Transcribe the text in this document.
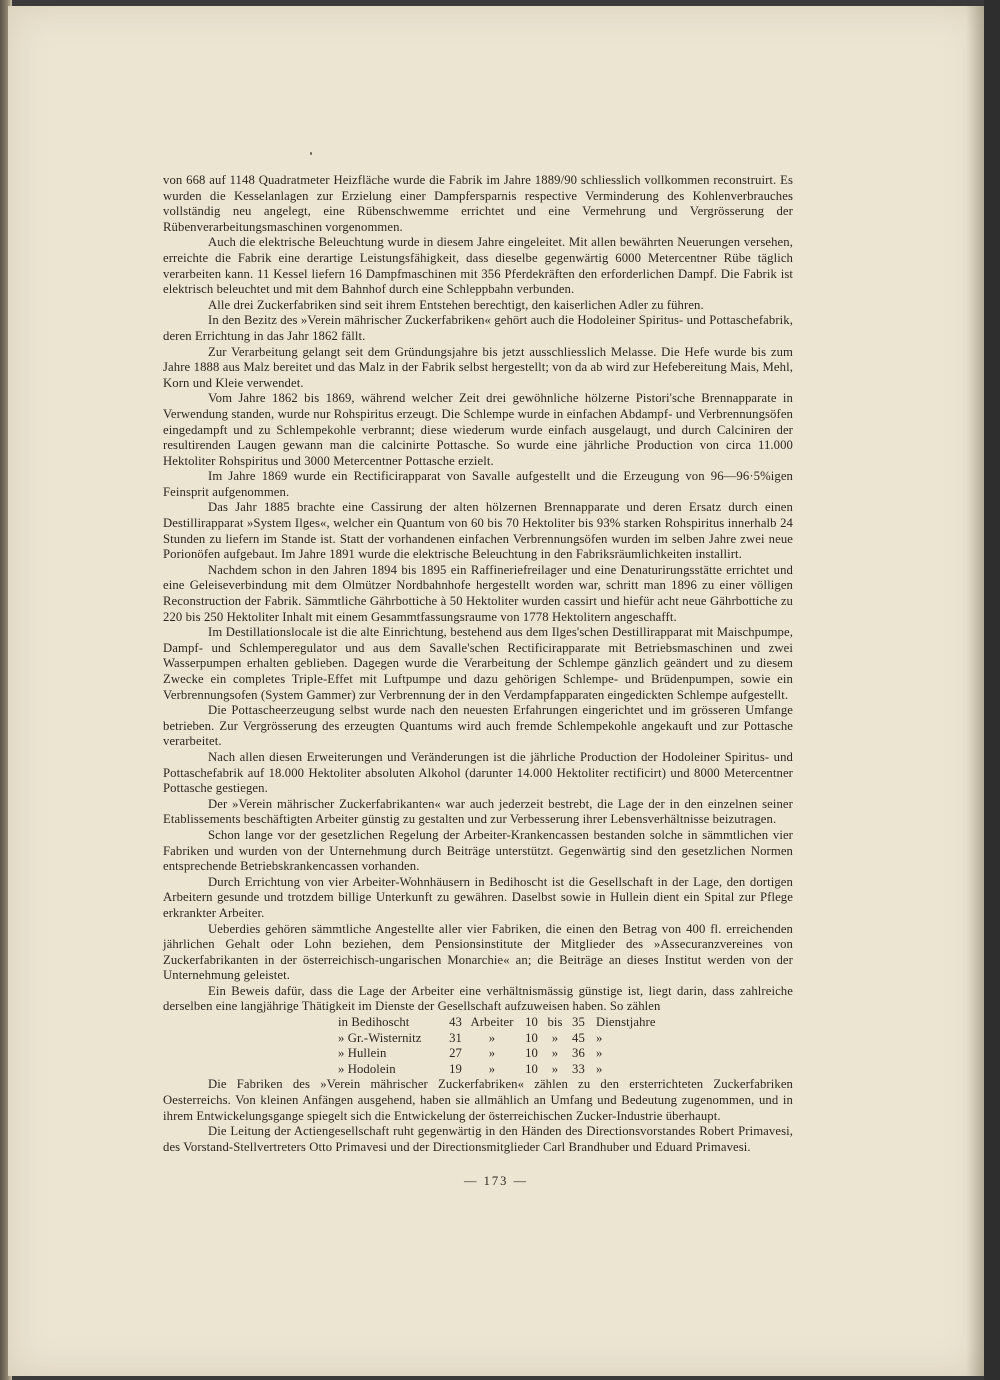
von 668 auf 1148 Quadratmeter Heizfläche wurde die Fabrik im Jahre 1889/90 schliesslich vollkommen reconstruirt. Es wurden die Kesselanlagen zur Erzielung einer Dampfersparnis respective Verminderung des Kohlenverbrauches vollständig neu angelegt, eine Rübenschwemme errichtet und eine Vermehrung und Vergrösserung der Rübenverarbeitungsmaschinen vorgenommen.

Auch die elektrische Beleuchtung wurde in diesem Jahre eingeleitet. Mit allen bewährten Neuerungen versehen, erreichte die Fabrik eine derartige Leistungsfähigkeit, dass dieselbe gegenwärtig 6000 Metercentner Rübe täglich verarbeiten kann. 11 Kessel liefern 16 Dampfmaschinen mit 356 Pferdekräften den erforderlichen Dampf. Die Fabrik ist elektrisch beleuchtet und mit dem Bahnhof durch eine Schleppbahn verbunden.

Alle drei Zuckerfabriken sind seit ihrem Entstehen berechtigt, den kaiserlichen Adler zu führen.

In den Bezitz des »Verein mährischer Zuckerfabriken« gehört auch die Hodoleiner Spiritus- und Pottaschefabrik, deren Errichtung in das Jahr 1862 fällt.

Zur Verarbeitung gelangt seit dem Gründungsjahre bis jetzt ausschliesslich Melasse. Die Hefe wurde bis zum Jahre 1888 aus Malz bereitet und das Malz in der Fabrik selbst hergestellt; von da ab wird zur Hefebereitung Mais, Mehl, Korn und Kleie verwendet.

Vom Jahre 1862 bis 1869, während welcher Zeit drei gewöhnliche hölzerne Pistori'sche Brennapparate in Verwendung standen, wurde nur Rohspiritus erzeugt. Die Schlempe wurde in einfachen Abdampf- und Verbrennungsöfen eingedampft und zu Schlempekohle verbrannt; diese wiederum wurde einfach ausgelaugt, und durch Calciniren der resultirenden Laugen gewann man die calcinirte Pottasche. So wurde eine jährliche Production von circa 11.000 Hektoliter Rohspiritus und 3000 Metercentner Pottasche erzielt.

Im Jahre 1869 wurde ein Rectificirapparat von Savalle aufgestellt und die Erzeugung von 96—96·5%igen Feinsprit aufgenommen.

Das Jahr 1885 brachte eine Cassirung der alten hölzernen Brennapparate und deren Ersatz durch einen Destillirapparat »System Ilges«, welcher ein Quantum von 60 bis 70 Hektoliter bis 93% starken Rohspiritus innerhalb 24 Stunden zu liefern im Stande ist. Statt der vorhandenen einfachen Verbrennungsöfen wurden im selben Jahre zwei neue Porionöfen aufgebaut. Im Jahre 1891 wurde die elektrische Beleuchtung in den Fabriksräumlichkeiten installirt.

Nachdem schon in den Jahren 1894 bis 1895 ein Raffineriefreilager und eine Denaturirungsstätte errichtet und eine Geleiseverbindung mit dem Olmützer Nordbahnhofe hergestellt worden war, schritt man 1896 zu einer völligen Reconstruction der Fabrik. Sämmtliche Gährbottiche à 50 Hektoliter wurden cassirt und hiefür acht neue Gährbottiche zu 220 bis 250 Hektoliter Inhalt mit einem Gesammtfassungsraume von 1778 Hektolitern angeschafft.

Im Destillationslocale ist die alte Einrichtung, bestehend aus dem Ilges'schen Destillirapparat mit Maischpumpe, Dampf- und Schlemperegulator und aus dem Savalle'schen Rectificirapparate mit Betriebsmaschinen und zwei Wasserpumpen erhalten geblieben. Dagegen wurde die Verarbeitung der Schlempe gänzlich geändert und zu diesem Zwecke ein completes Triple-Effet mit Luftpumpe und dazu gehörigen Schlempe- und Brüdenpumpen, sowie ein Verbrennungsofen (System Gammer) zur Verbrennung der in den Verdampfapparaten eingedickten Schlempe aufgestellt.

Die Pottascheerzeugung selbst wurde nach den neuesten Erfahrungen eingerichtet und im grösseren Umfange betrieben. Zur Vergrösserung des erzeugten Quantums wird auch fremde Schlempekohle angekauft und zur Pottasche verarbeitet.

Nach allen diesen Erweiterungen und Veränderungen ist die jährliche Production der Hodoleiner Spiritus- und Pottaschefabrik auf 18.000 Hektoliter absoluten Alkohol (darunter 14.000 Hektoliter rectificirt) und 8000 Metercentner Pottasche gestiegen.

Der »Verein mährischer Zuckerfabrikanten« war auch jederzeit bestrebt, die Lage der in den einzelnen seiner Etablissements beschäftigten Arbeiter günstig zu gestalten und zur Verbesserung ihrer Lebensverhältnisse beizutragen.

Schon lange vor der gesetzlichen Regelung der Arbeiter-Krankencassen bestanden solche in sämmtlichen vier Fabriken und wurden von der Unternehmung durch Beiträge unterstützt. Gegenwärtig sind den gesetzlichen Normen entsprechende Betriebskrankencassen vorhanden.

Durch Errichtung von vier Arbeiter-Wohnhäusern in Bedihoscht ist die Gesellschaft in der Lage, den dortigen Arbeitern gesunde und trotzdem billige Unterkunft zu gewähren. Daselbst sowie in Hullein dient ein Spital zur Pflege erkrankter Arbeiter.

Ueberdies gehören sämmtliche Angestellte aller vier Fabriken, die einen den Betrag von 400 fl. erreichenden jährlichen Gehalt oder Lohn beziehen, dem Pensionsinstitute der Mitglieder des »Assecuranzvereines von Zuckerfabrikanten in der österreichisch-ungarischen Monarchie« an; die Beiträge an dieses Institut werden von der Unternehmung geleistet.

Ein Beweis dafür, dass die Lage der Arbeiter eine verhältnismässig günstige ist, liegt darin, dass zahlreiche derselben eine langjährige Thätigkeit im Dienste der Gesellschaft aufzuweisen haben. So zählen

in Bedihoscht	43	Arbeiter	10	bis	35	Dienstjahre
» Gr.-Wisternitz	31	»	10	»	45	»
» Hullein	27	»	10	»	36	»
» Hodolein	19	»	10	»	33	»

Die Fabriken des »Verein mährischer Zuckerfabriken« zählen zu den ersterrichteten Zuckerfabriken Oesterreichs. Von kleinen Anfängen ausgehend, haben sie allmählich an Umfang und Bedeutung zugenommen, und in ihrem Entwickelungsgange spiegelt sich die Entwickelung der österreichischen Zucker-Industrie überhaupt.

Die Leitung der Actiengesellschaft ruht gegenwärtig in den Händen des Directionsvorstandes Robert Primavesi, des Vorstand-Stellvertreters Otto Primavesi und der Directionsmitglieder Carl Brandhuber und Eduard Primavesi.

— 173 —
